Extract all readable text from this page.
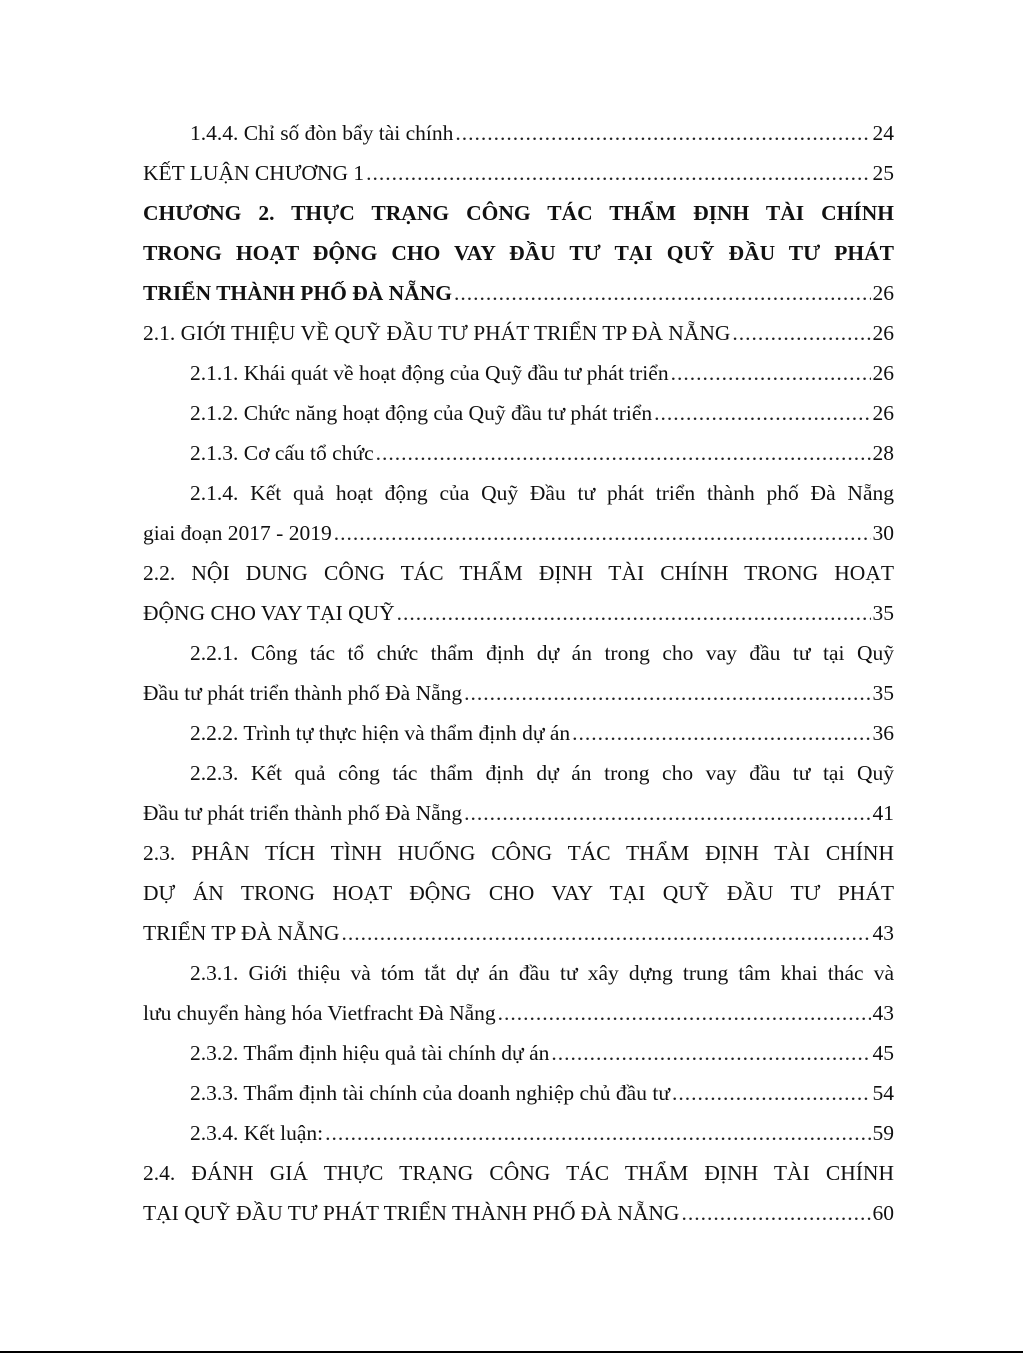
1.4.4. Chỉ số đòn bẩy tài chính .....	24
KẾT LUẬN CHƯƠNG 1 .....	25
CHƯƠNG 2. THỰC TRẠNG CÔNG TÁC THẨM ĐỊNH TÀI CHÍNH
TRONG HOẠT ĐỘNG CHO VAY ĐẦU TƯ TẠI QUỸ ĐẦU TƯ PHÁT
TRIỂN THÀNH PHỐ ĐÀ NẴNG .....	26
2.1. GIỚI THIỆU VỀ QUỸ ĐẦU TƯ PHÁT TRIỂN TP ĐÀ NẴNG .....	26
2.1.1. Khái quát về hoạt động của Quỹ đầu tư phát triển .....	26
2.1.2. Chức năng hoạt động của Quỹ đầu tư phát triển .....	26
2.1.3. Cơ cấu tổ chức .....	28
2.1.4. Kết quả hoạt động của Quỹ Đầu tư phát triển thành phố Đà Nẵng
giai đoạn 2017 - 2019 .....	30
2.2. NỘI DUNG CÔNG TÁC THẨM ĐỊNH TÀI CHÍNH TRONG HOẠT
ĐỘNG CHO VAY TẠI QUỸ .....	35
2.2.1. Công tác tổ chức thẩm định dự án trong cho vay đầu tư tại Quỹ
Đầu tư phát triển thành phố Đà Nẵng .....	35
2.2.2. Trình tự thực hiện và thẩm định dự án .....	36
2.2.3. Kết quả công tác thẩm định dự án trong cho vay đầu tư tại Quỹ
Đầu tư phát triển thành phố Đà Nẵng .....	41
2.3. PHÂN TÍCH TÌNH HUỐNG CÔNG TÁC THẨM ĐỊNH TÀI CHÍNH
DỰ ÁN TRONG HOẠT ĐỘNG CHO VAY TẠI QUỸ ĐẦU TƯ PHÁT
TRIỂN TP ĐÀ NẴNG .....	43
2.3.1. Giới thiệu và tóm tắt dự án đầu tư xây dựng trung tâm khai thác và
lưu chuyển hàng hóa Vietfracht Đà Nẵng .....	43
2.3.2. Thẩm định hiệu quả tài chính dự án .....	45
2.3.3. Thẩm định tài chính của doanh nghiệp chủ đầu tư .....	54
2.3.4. Kết luận: .....	59
2.4. ĐÁNH GIÁ THỰC TRẠNG CÔNG TÁC THẨM ĐỊNH TÀI CHÍNH
TẠI QUỸ ĐẦU TƯ PHÁT TRIỂN THÀNH PHỐ ĐÀ NẴNG .....	60
